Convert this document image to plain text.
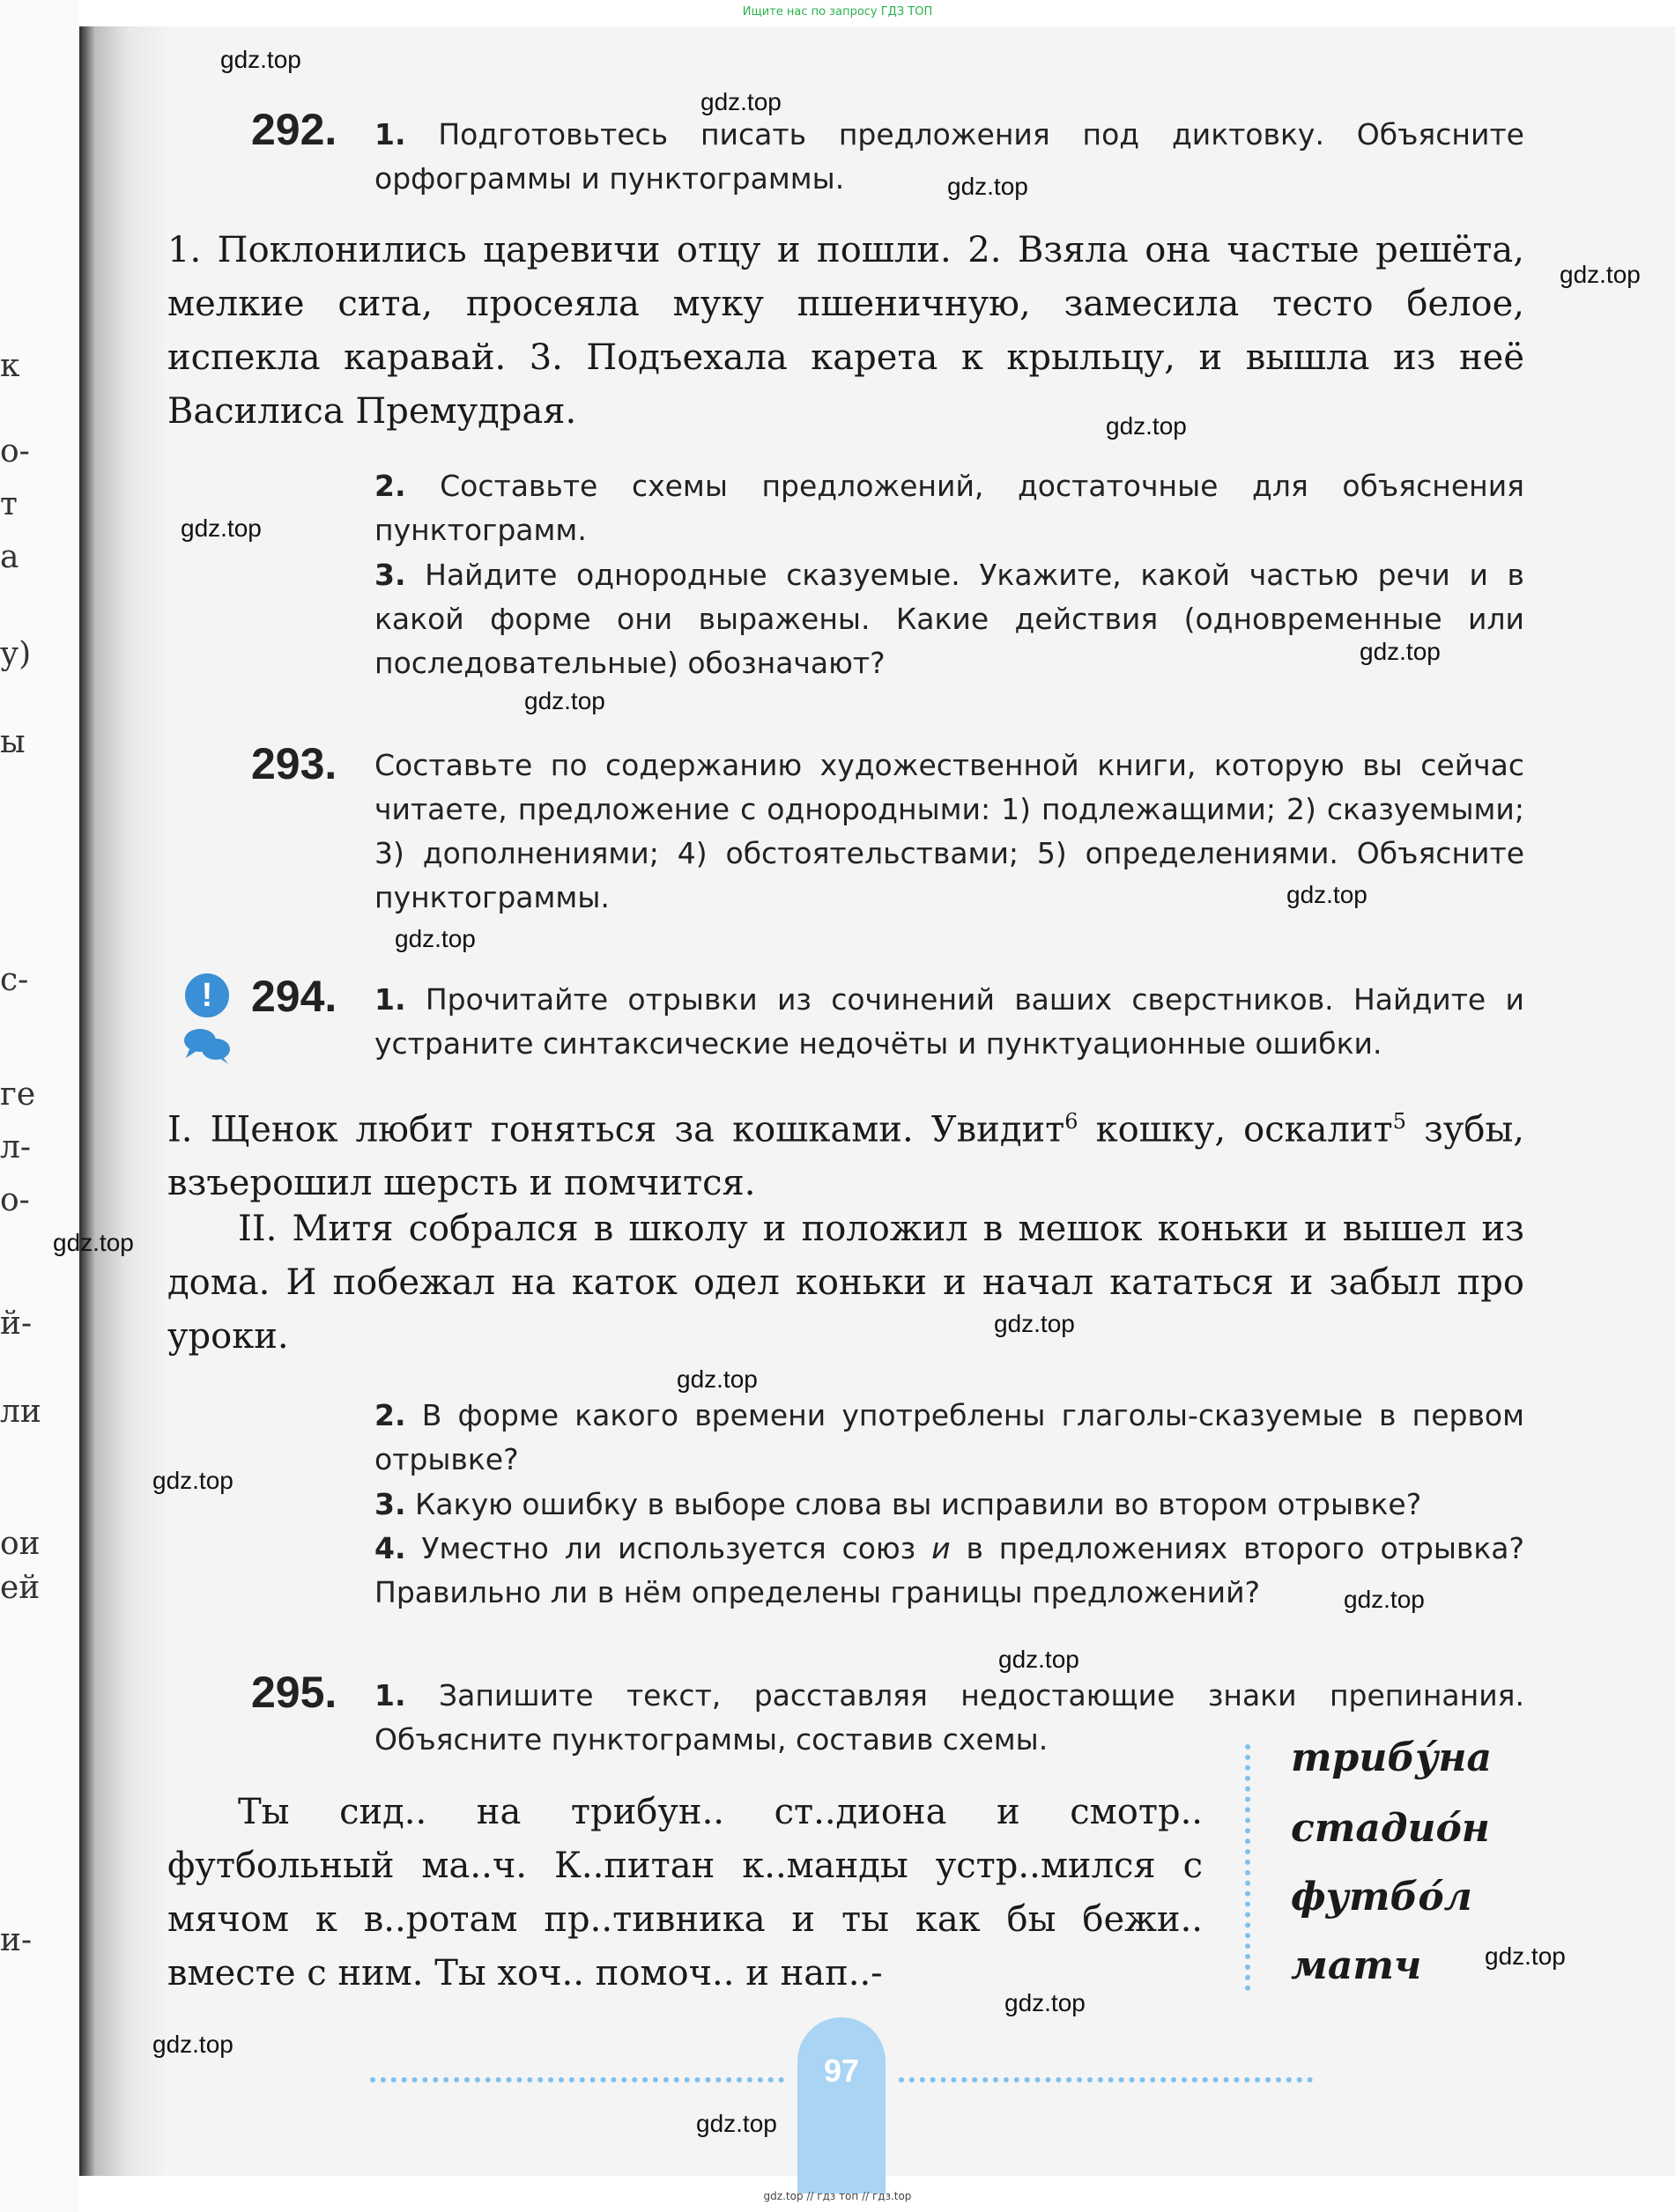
к
о-
т
а
у)
ы
с-
ге
л-
о-
й-
ли
ои
ей
и-
Ищите нас по запросу ГДЗ ТОП
292. 1. Подготовьтесь писать предложения под диктовку. Объясните орфограммы и пунктограммы.
1. Поклонились царевичи отцу и пошли. 2. Взяла она частые решёта, мелкие сита, просеяла муку пшеничную, замесила тесто белое, испекла каравай. 3. Подъехала карета к крыльцу, и вышла из неё Василиса Премудрая.
2. Составьте схемы предложений, достаточные для объяснения пунктограмм.
3. Найдите однородные сказуемые. Укажите, какой частью речи и в какой форме они выражены. Какие действия (одновременные или последовательные) обозначают?
293. Составьте по содержанию художественной книги, которую вы сейчас читаете, предложение с однородными: 1) подлежащими; 2) сказуемыми; 3) дополнениями; 4) обстоятельствами; 5) определениями. Объясните пунктограммы.
! 294. 1. Прочитайте отрывки из сочинений ваших сверстников. Найдите и устраните синтаксические недочёты и пунктуационные ошибки.
I. Щенок любит гоняться за кошками. Увидит$^6$ кошку, оскалит$^5$ зубы, взъерошил шерсть и помчится.
II. Митя собрался в школу и положил в мешок коньки и вышел из дома. И побежал на каток одел коньки и начал кататься и забыл про уроки.
2. В форме какого времени употреблены глаголы-сказуемые в первом отрывке?
3. Какую ошибку в выборе слова вы исправили во втором отрывке?
4. Уместно ли используется союз и в предложениях второго отрывка? Правильно ли в нём определены границы предложений?
295. 1. Запишите текст, расставляя недостающие знаки препинания. Объясните пунктограммы, составив схемы.
Ты сид.. на трибун.. ст..диона и смотр.. футбольный ма..ч. К..питан к..манды устр..мился с мячом к в..ротам пр..тивника и ты как бы бежи.. вместе с ним. Ты хоч.. помоч.. и нап..-
трибу́на
стадио́н
футбо́л
матч
97
gdz.top
gdz.top
gdz.top
gdz.top
gdz.top
gdz.top
gdz.top
gdz.top
gdz.top
gdz.top
gdz.top
gdz.top
gdz.top
gdz.top
gdz.top
gdz.top
gdz.top
gdz.top
gdz.top
gdz.top
gdz.top // гдз топ // гдз.top
